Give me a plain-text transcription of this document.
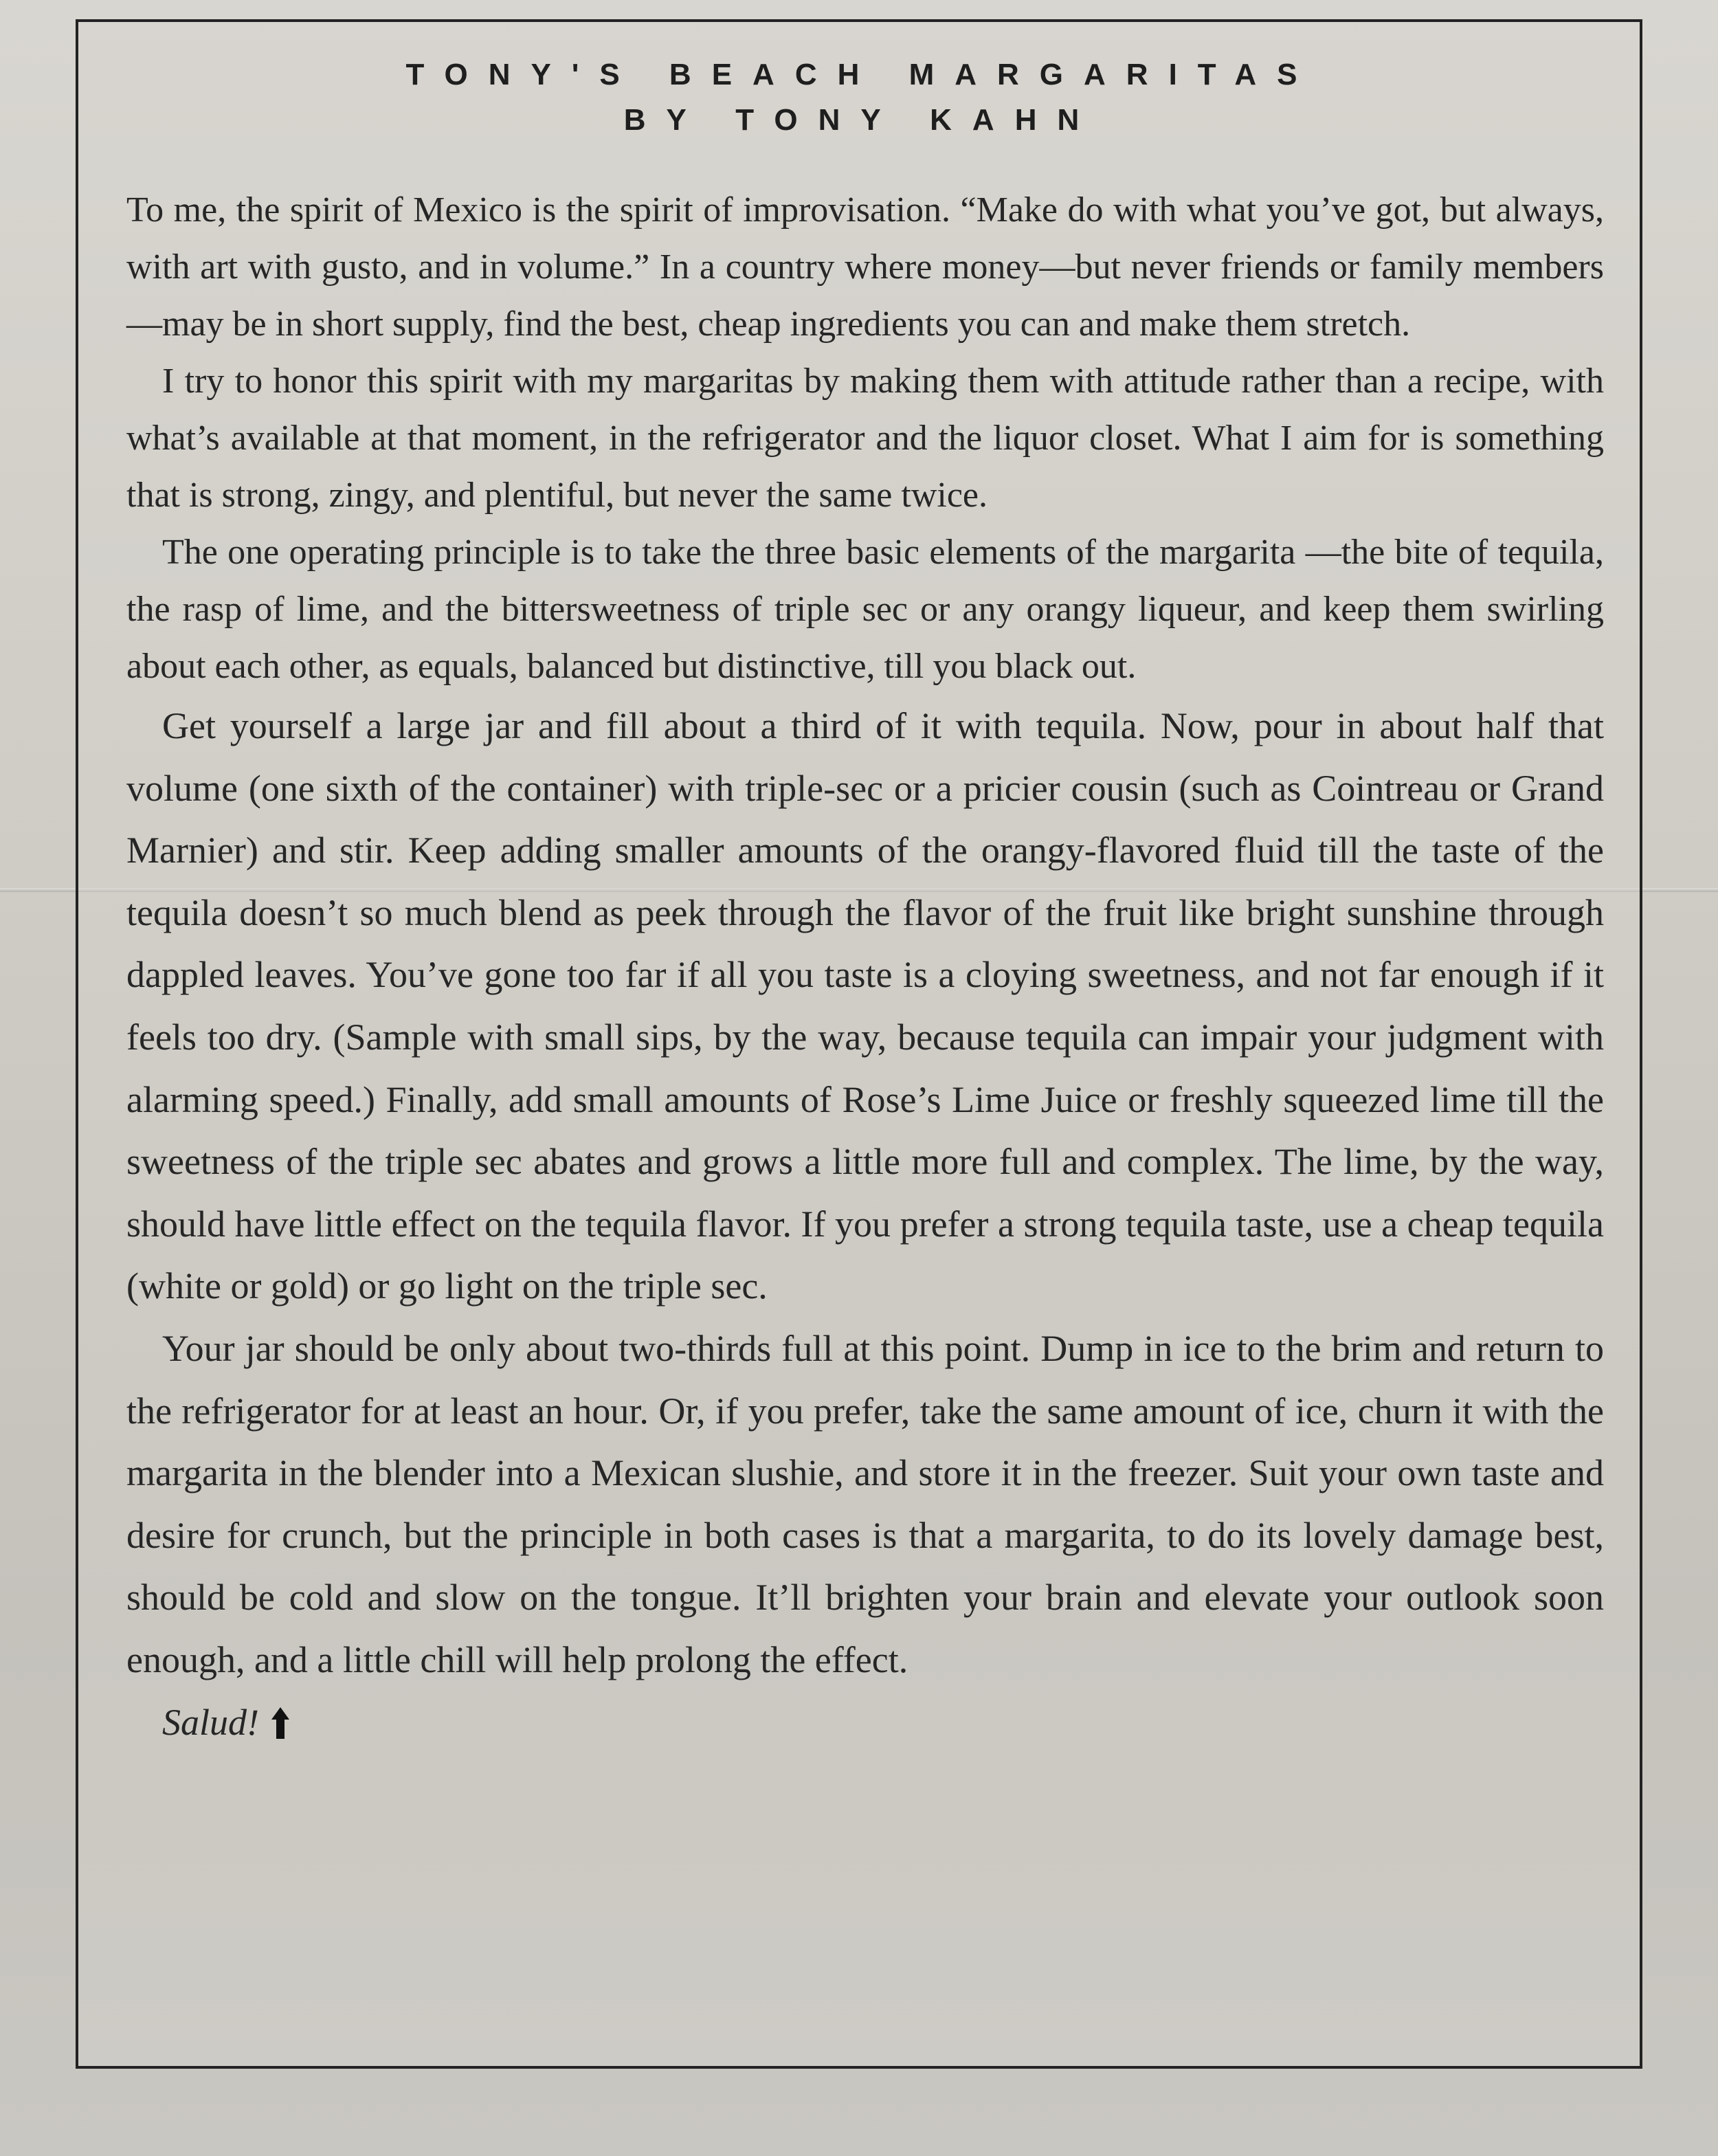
TONY'S BEACH MARGARITAS
BY TONY KAHN

To me, the spirit of Mexico is the spirit of improvisation. “Make do with what you’ve got, but always, with art with gusto, and in volume.” In a country where money—but never friends or family members—may be in short supply, find the best, cheap ingredients you can and make them stretch.

I try to honor this spirit with my margaritas by making them with attitude rather than a recipe, with what’s available at that moment, in the refrigerator and the liquor closet. What I aim for is something that is strong, zingy, and plentiful, but never the same twice.

The one operating principle is to take the three basic elements of the margarita —the bite of tequila, the rasp of lime, and the bittersweetness of triple sec or any orangy liqueur, and keep them swirling about each other, as equals, balanced but distinctive, till you black out.

Get yourself a large jar and fill about a third of it with tequila. Now, pour in about half that volume (one sixth of the container) with triple-sec or a pricier cousin (such as Cointreau or Grand Marnier) and stir. Keep adding smaller amounts of the orangy-flavored fluid till the taste of the tequila doesn’t so much blend as peek through the flavor of the fruit like bright sunshine through dappled leaves. You’ve gone too far if all you taste is a cloying sweetness, and not far enough if it feels too dry. (Sample with small sips, by the way, because tequila can impair your judgment with alarming speed.) Finally, add small amounts of Rose’s Lime Juice or freshly squeezed lime till the sweetness of the triple sec abates and grows a little more full and complex. The lime, by the way, should have little effect on the tequila flavor. If you prefer a strong tequila taste, use a cheap tequila (white or gold) or go light on the triple sec.

Your jar should be only about two-thirds full at this point. Dump in ice to the brim and return to the refrigerator for at least an hour. Or, if you prefer, take the same amount of ice, churn it with the margarita in the blender into a Mexican slushie, and store it in the freezer. Suit your own taste and desire for crunch, but the principle in both cases is that a margarita, to do its lovely damage best, should be cold and slow on the tongue. It’ll brighten your brain and elevate your outlook soon enough, and a little chill will help prolong the effect.

Salud!
